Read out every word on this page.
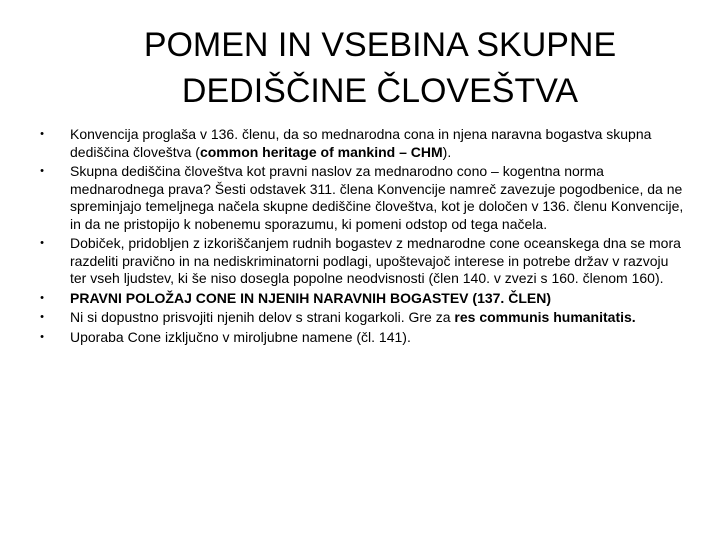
POMEN IN VSEBINA SKUPNE
DEDIŠČINE ČLOVEŠTVA
• Konvencija proglaša v 136. členu, da so mednarodna cona in njena naravna bogastva skupna dediščina človeštva (common heritage of mankind – CHM).
• Skupna dediščina človeštva kot pravni naslov za mednarodno cono – kogentna norma mednarodnega prava? Šesti odstavek 311. člena Konvencije namreč zavezuje pogodbenice, da ne spreminjajo temeljnega načela skupne dediščine človeštva, kot je določen v 136. členu Konvencije, in da ne pristopijo k nobenemu sporazumu, ki pomeni odstop od tega načela.
• Dobiček, pridobljen z izkoriščanjem rudnih bogastev z mednarodne cone oceanskega dna se mora razdeliti pravično in na nediskriminatorni podlagi, upoštevajoč interese in potrebe držav v razvoju ter vseh ljudstev, ki še niso dosegla popolne neodvisnosti (člen 140. v zvezi s 160. členom 160).
• PRAVNI POLOŽAJ CONE IN NJENIH NARAVNIH BOGASTEV (137. ČLEN)
• Ni si dopustno prisvojiti njenih delov s strani kogarkoli. Gre za res communis humanitatis.
• Uporaba Cone izključno v miroljubne namene (čl. 141).
